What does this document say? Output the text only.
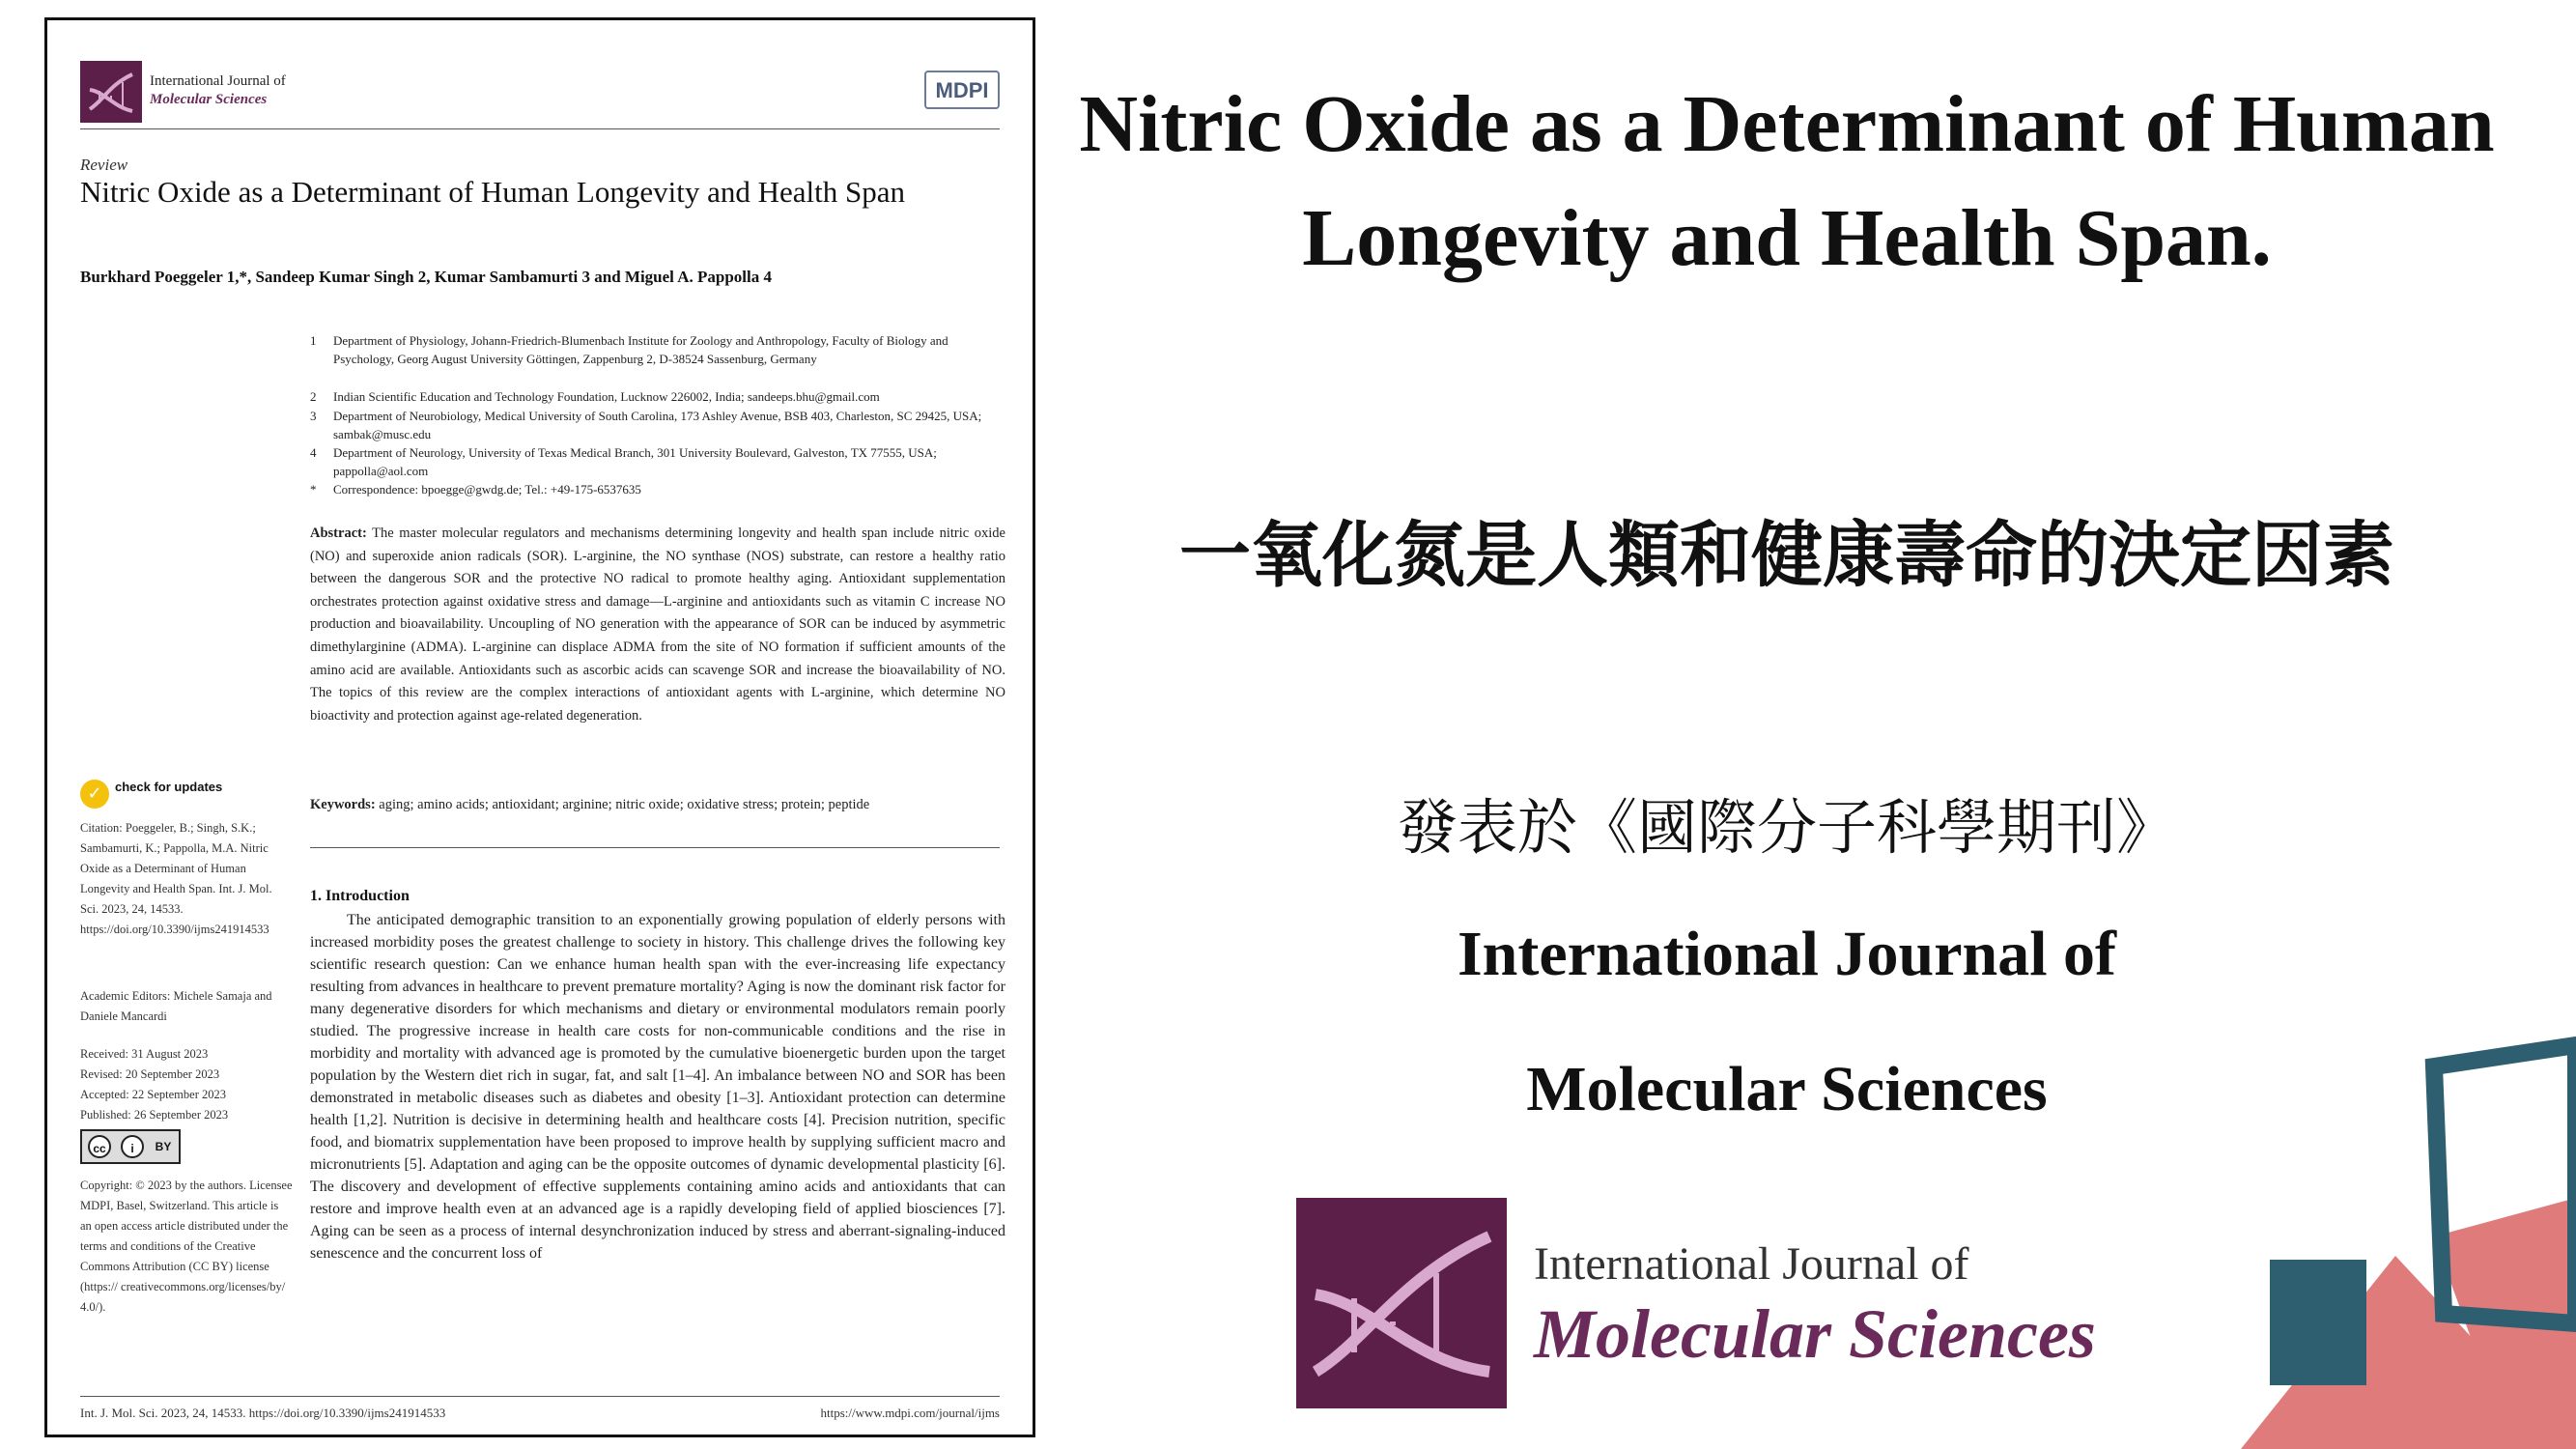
International Journal of
Molecular Sciences	MDPI
Review
Nitric Oxide as a Determinant of Human Longevity and Health Span
Burkhard Poeggeler 1,*, Sandeep Kumar Singh 2, Kumar Sambamurti 3 and Miguel A. Pappolla 4
1 Department of Physiology, Johann-Friedrich-Blumenbach Institute for Zoology and Anthropology, Faculty of Biology and Psychology, Georg August University Göttingen, Zappenburg 2, D-38524 Sassenburg, Germany
2 Indian Scientific Education and Technology Foundation, Lucknow 226002, India; sandeeps.bhu@gmail.com
3 Department of Neurobiology, Medical University of South Carolina, 173 Ashley Avenue, BSB 403, Charleston, SC 29425, USA; sambak@musc.edu
4 Department of Neurology, University of Texas Medical Branch, 301 University Boulevard, Galveston, TX 77555, USA; pappolla@aol.com
* Correspondence: bpoegge@gwdg.de; Tel.: +49-175-6537635
Abstract: The master molecular regulators and mechanisms determining longevity and health span include nitric oxide (NO) and superoxide anion radicals (SOR). L-arginine, the NO synthase (NOS) substrate, can restore a healthy ratio between the dangerous SOR and the protective NO radical to promote healthy aging. Antioxidant supplementation orchestrates protection against oxidative stress and damage—L-arginine and antioxidants such as vitamin C increase NO production and bioavailability. Uncoupling of NO generation with the appearance of SOR can be induced by asymmetric dimethylarginine (ADMA). L-arginine can displace ADMA from the site of NO formation if sufficient amounts of the amino acid are available. Antioxidants such as ascorbic acids can scavenge SOR and increase the bioavailability of NO. The topics of this review are the complex interactions of antioxidant agents with L-arginine, which determine NO bioactivity and protection against age-related degeneration.
Keywords: aging; amino acids; antioxidant; arginine; nitric oxide; oxidative stress; protein; peptide
1. Introduction
The anticipated demographic transition to an exponentially growing population of elderly persons with increased morbidity poses the greatest challenge to society in history. This challenge drives the following key scientific research question: Can we enhance human health span with the ever-increasing life expectancy resulting from advances in healthcare to prevent premature mortality? Aging is now the dominant risk factor for many degenerative disorders for which mechanisms and dietary or environmental modulators remain poorly studied. The progressive increase in health care costs for non-communicable conditions and the rise in morbidity and mortality with advanced age is promoted by the cumulative bioenergetic burden upon the target population by the Western diet rich in sugar, fat, and salt [1–4]. An imbalance between NO and SOR has been demonstrated in metabolic diseases such as diabetes and obesity [1–3]. Antioxidant protection can determine health [1,2]. Nutrition is decisive in determining health and healthcare costs [4]. Precision nutrition, specific food, and biomatrix supplementation have been proposed to improve health by supplying sufficient macro and micronutrients [5]. Adaptation and aging can be the opposite outcomes of dynamic developmental plasticity [6]. The discovery and development of effective supplements containing amino acids and antioxidants that can restore and improve health even at an advanced age is a rapidly developing field of applied biosciences [7]. Aging can be seen as a process of internal desynchronization induced by stress and aberrant-signaling-induced senescence and the concurrent loss of
✓	check for updates
Citation: Poeggeler, B.; Singh, S.K.; Sambamurti, K.; Pappolla, M.A. Nitric Oxide as a Determinant of Human Longevity and Health Span. Int. J. Mol. Sci. 2023, 24, 14533. https://doi.org/10.3390/ijms241914533
Academic Editors: Michele Samaja and Daniele Mancardi
Received: 31 August 2023
Revised: 20 September 2023
Accepted: 22 September 2023
Published: 26 September 2023
cc	i	BY
Copyright: © 2023 by the authors. Licensee MDPI, Basel, Switzerland. This article is an open access article distributed under the terms and conditions of the Creative Commons Attribution (CC BY) license (https:// creativecommons.org/licenses/by/ 4.0/).
Int. J. Mol. Sci. 2023, 24, 14533. https://doi.org/10.3390/ijms241914533	https://www.mdpi.com/journal/ijms
Nitric Oxide as a Determinant of Human Longevity and Health Span.
一氧化氮是人類和健康壽命的決定因素
發表於《國際分子科學期刊》
International Journal of
Molecular Sciences
International Journal of
Molecular Sciences
